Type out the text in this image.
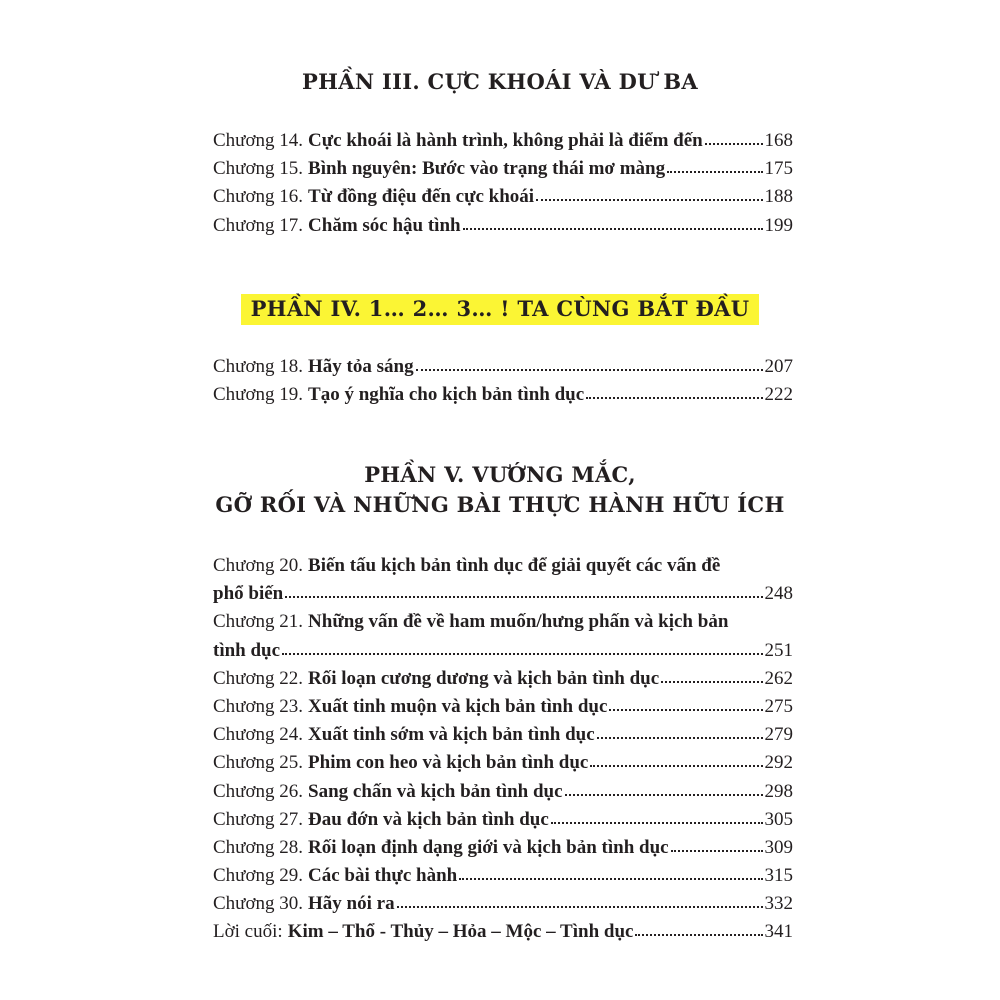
PHẦN III. CỰC KHOÁI VÀ DƯ BA
Chương 14. Cực khoái là hành trình, không phải là điểm đến	168
Chương 15. Bình nguyên: Bước vào trạng thái mơ màng	175
Chương 16. Từ đồng điệu đến cực khoái	188
Chương 17. Chăm sóc hậu tình	199
PHẦN IV. 1… 2… 3… ! TA CÙNG BẮT ĐẦU
Chương 18. Hãy tỏa sáng	207
Chương 19. Tạo ý nghĩa cho kịch bản tình dục	222
PHẦN V. VƯỚNG MẮC,
GỠ RỐI VÀ NHỮNG BÀI THỰC HÀNH HỮU ÍCH
Chương 20. Biến tấu kịch bản tình dục để giải quyết các vấn đề
phổ biến	248
Chương 21. Những vấn đề về ham muốn/hưng phấn và kịch bản
tình dục	251
Chương 22. Rối loạn cương dương và kịch bản tình dục	262
Chương 23. Xuất tinh muộn và kịch bản tình dục	275
Chương 24. Xuất tinh sớm và kịch bản tình dục	279
Chương 25. Phim con heo và kịch bản tình dục	292
Chương 26. Sang chấn và kịch bản tình dục	298
Chương 27. Đau đớn và kịch bản tình dục	305
Chương 28. Rối loạn định dạng giới và kịch bản tình dục	309
Chương 29. Các bài thực hành	315
Chương 30. Hãy nói ra	332
Lời cuối: Kim – Thổ - Thủy – Hỏa – Mộc – Tình dục	341
